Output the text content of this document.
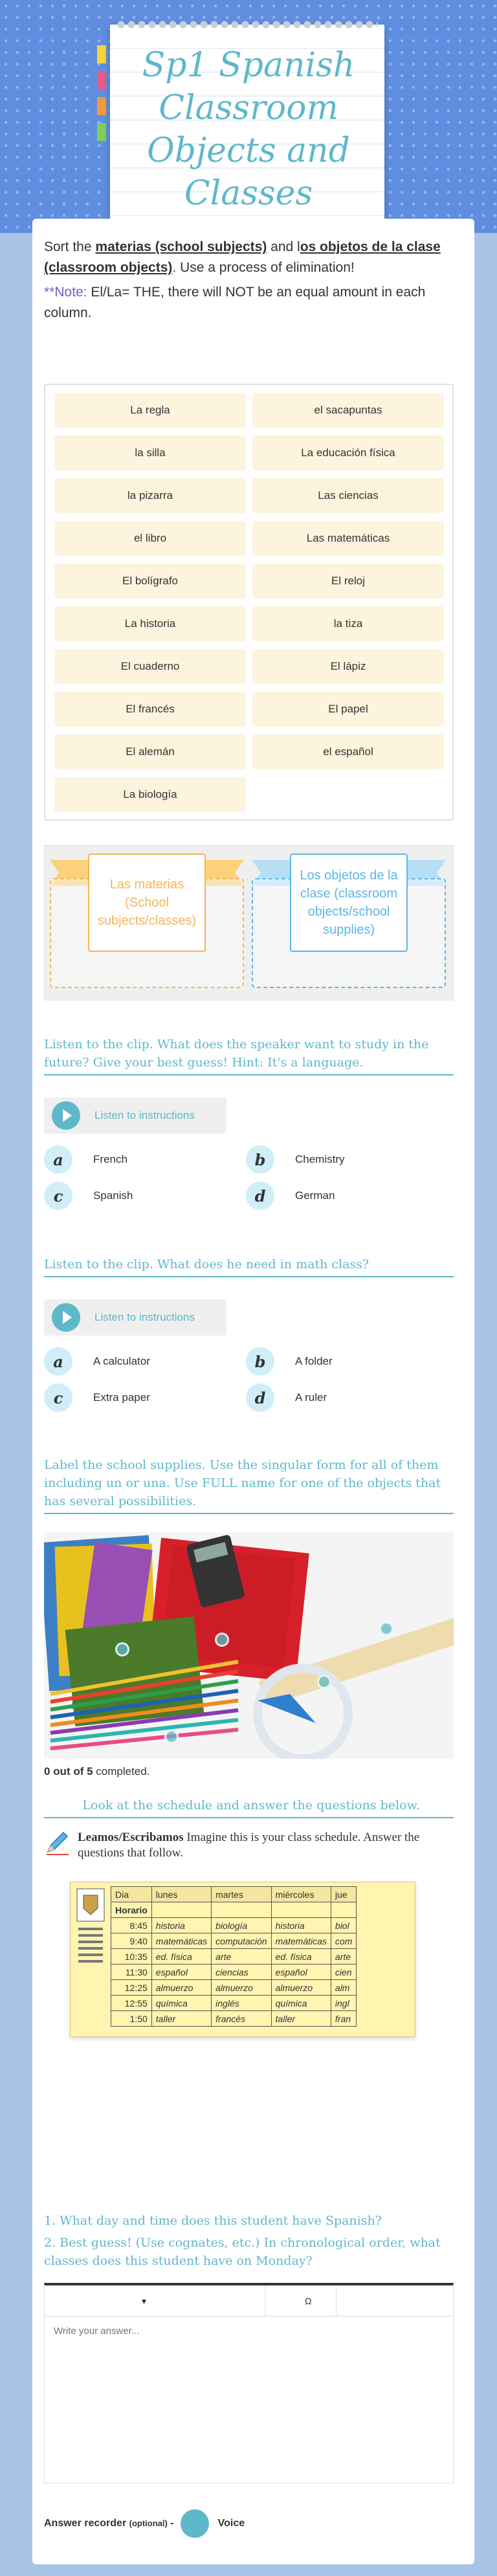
Sp1 Spanish Classroom Objects and Classes
Sort the materias (school subjects) and los objetos de la clase (classroom objects). Use a process of elimination!
**Note: El/La= THE, there will NOT be an equal amount in each column.
La regla	el sacapuntas
la silla	La educación física
la pizarra	Las ciencias
el libro	Las matemáticas
El bolígrafo	El reloj
La historia	la tiza
El cuaderno	El lápiz
El francés	El papel
El alemán	el español
La biología
Las materias (School subjects/classes)
Los objetos de la clase (classroom objects/school supplies)
Listen to the clip. What does the speaker want to study in the future? Give your best guess! Hint: It's a language.
Listen to instructions
a	French	b	Chemistry
c	Spanish	d	German
Listen to the clip. What does he need in math class?
Listen to instructions
a	A calculator	b	A folder
c	Extra paper	d	A ruler
Label the school supplies. Use the singular form for all of them including un or una. Use FULL name for one of the objects that has several possibilities.
0 out of 5 completed.
Look at the schedule and answer the questions below.
Leamos/Escribamos Imagine this is your class schedule. Answer the questions that follow.
Dia	lunes	martes	miércoles	jue
Horario				
8:45	historia	biología	historia	biol
9:40	matemáticas	computación	matemáticas	com
10:35	ed. física	arte	ed. física	arte
11:30	español	ciencias	español	cien
12:25	almuerzo	almuerzo	almuerzo	alm
12:55	química	inglés	química	ingl
1:50	taller	francés	taller	fran
1. What day and time does this student have Spanish?
2. Best guess! (Use cognates, etc.) In chronological order, what classes does this student have on Monday?
▾	Ω
Write your answer...
Answer recorder (optional) -	Voice
